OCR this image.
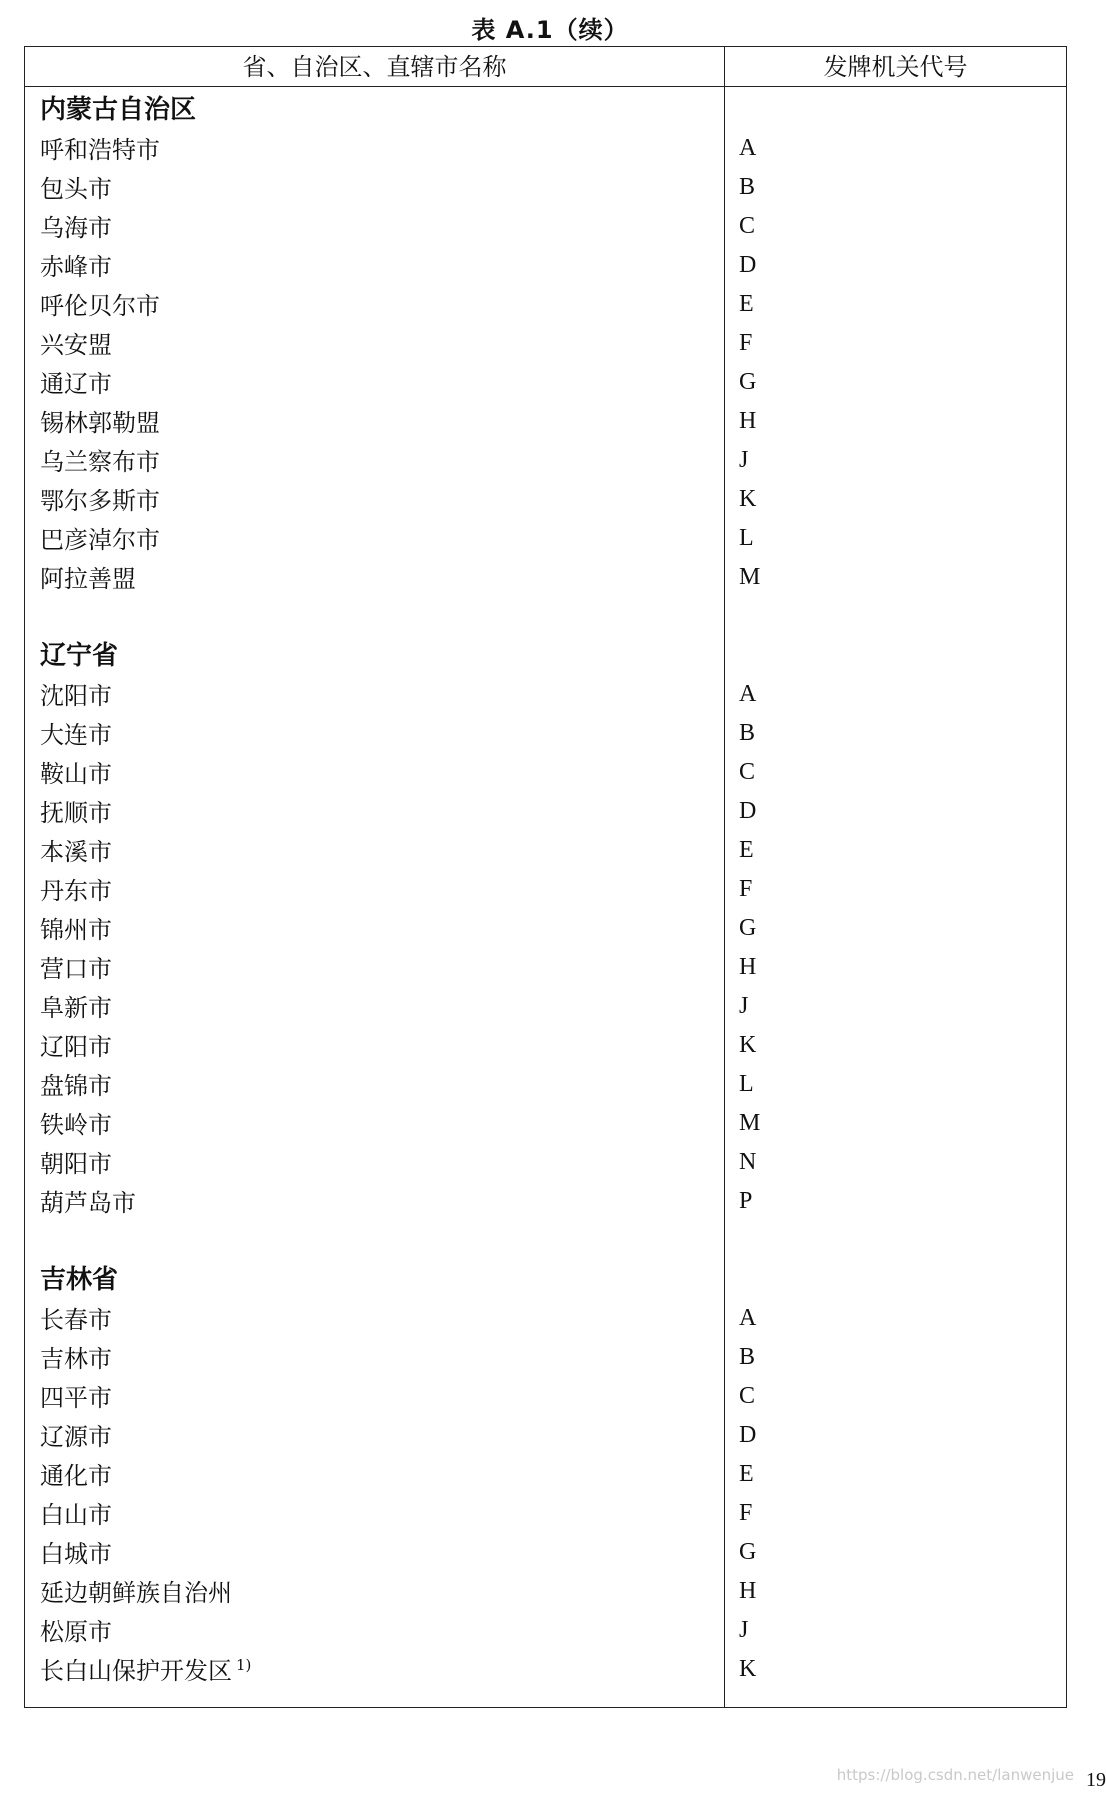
表 A.1（续）
省、自治区、直辖市名称	发牌机关代号
内蒙古自治区
呼和浩特市	A
包头市	B
乌海市	C
赤峰市	D
呼伦贝尔市	E
兴安盟	F
通辽市	G
锡林郭勒盟	H
乌兰察布市	J
鄂尔多斯市	K
巴彦淖尔市	L
阿拉善盟	M
辽宁省
沈阳市	A
大连市	B
鞍山市	C
抚顺市	D
本溪市	E
丹东市	F
锦州市	G
营口市	H
阜新市	J
辽阳市	K
盘锦市	L
铁岭市	M
朝阳市	N
葫芦岛市	P
吉林省
长春市	A
吉林市	B
四平市	C
辽源市	D
通化市	E
白山市	F
白城市	G
延边朝鲜族自治州	H
松原市	J
长白山保护开发区 $^{1)}$	K
https://blog.csdn.net/lanwenjue 19
